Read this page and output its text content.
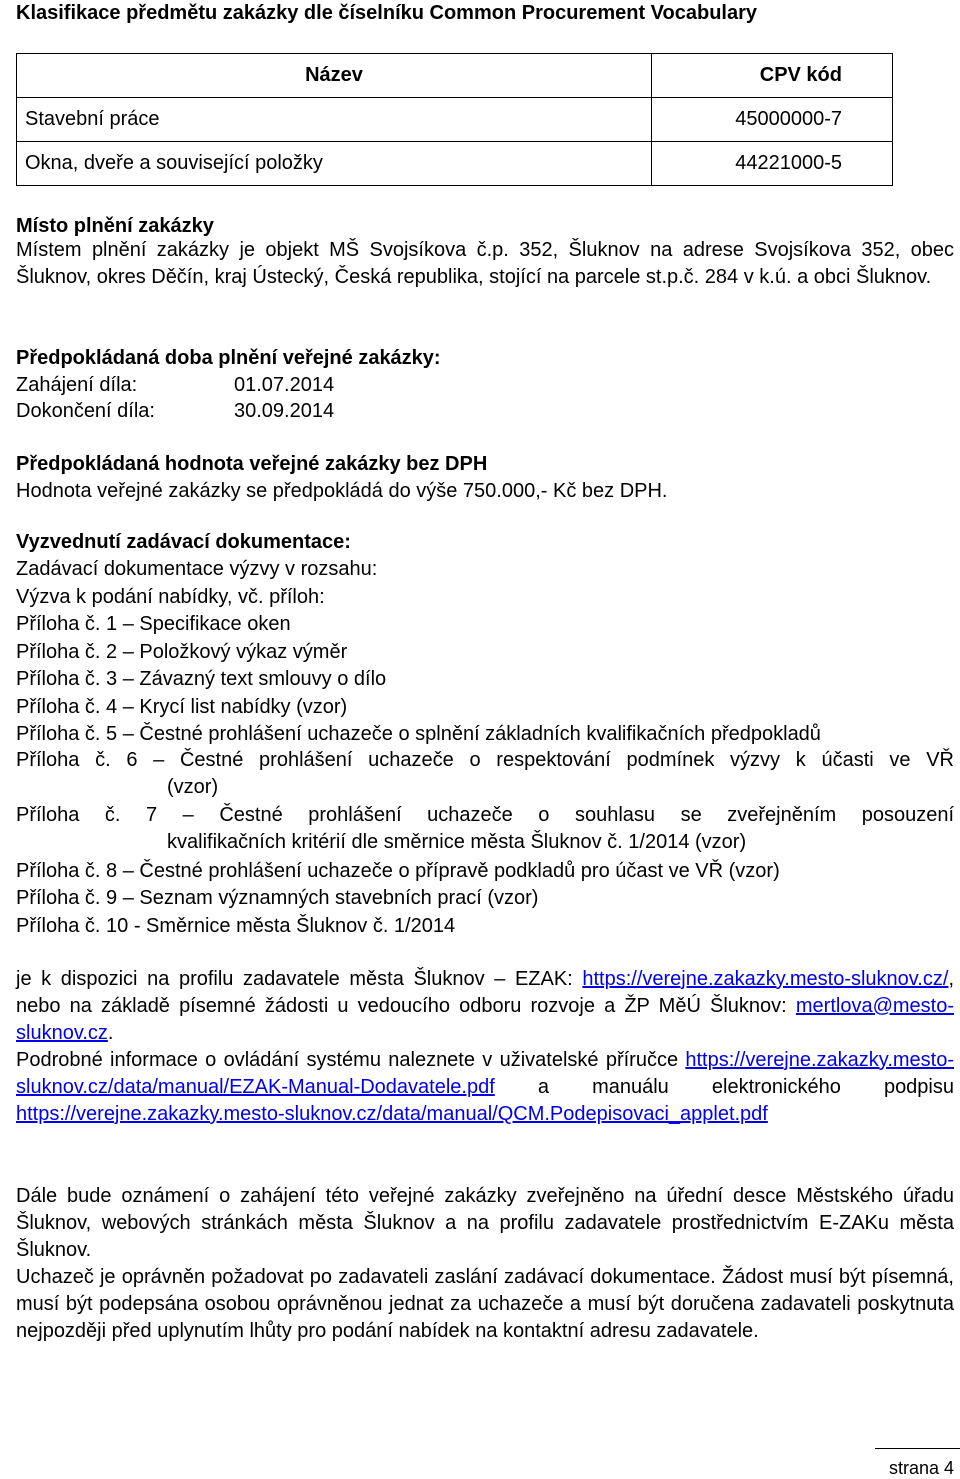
Klasifikace předmětu zakázky dle číselníku Common Procurement Vocabulary
Název	CPV kód
Stavební práce	45000000-7
Okna, dveře a související položky	44221000-5
Místo plnění zakázky
Místem plnění zakázky je objekt MŠ Svojsíkova č.p. 352, Šluknov na adrese Svojsíkova 352, obec Šluknov, okres Děčín, kraj Ústecký, Česká republika, stojící na parcele st.p.č. 284 v k.ú. a obci Šluknov.
Předpokládaná doba plnění veřejné zakázky:
Zahájení díla:	01.07.2014
Dokončení díla:	30.09.2014
Předpokládaná hodnota veřejné zakázky bez DPH
Hodnota veřejné zakázky se předpokládá do výše 750.000,- Kč bez DPH.
Vyzvednutí zadávací dokumentace:
Zadávací dokumentace výzvy v rozsahu:
Výzva k podání nabídky, vč. příloh:
Příloha č. 1 – Specifikace oken
Příloha č. 2 – Položkový výkaz výměr
Příloha č. 3 – Závazný text smlouvy o dílo
Příloha č. 4 – Krycí list nabídky (vzor)
Příloha č. 5 – Čestné prohlášení uchazeče o splnění základních kvalifikačních předpokladů
Příloha č. 6 – Čestné prohlášení uchazeče o respektování podmínek výzvy k účasti ve VŘ
(vzor)
Příloha č. 7 – Čestné prohlášení uchazeče o souhlasu se zveřejněním posouzení
kvalifikačních kritérií dle směrnice města Šluknov č. 1/2014 (vzor)
Příloha č. 8 – Čestné prohlášení uchazeče o přípravě podkladů pro účast ve VŘ (vzor)
Příloha č. 9 – Seznam významných stavebních prací (vzor)
Příloha č. 10 - Směrnice města Šluknov č. 1/2014
je k dispozici na profilu zadavatele města Šluknov – EZAK: https://verejne.zakazky.mesto-sluknov.cz/, nebo na základě písemné žádosti u vedoucího odboru rozvoje a ŽP MěÚ Šluknov: mertlova@mesto-sluknov.cz.
Podrobné informace o ovládání systému naleznete v uživatelské příručce https://verejne.zakazky.mesto-sluknov.cz/data/manual/EZAK-Manual-Dodavatele.pdf a manuálu elektronického podpisu https://verejne.zakazky.mesto-sluknov.cz/data/manual/QCM.Podepisovaci_applet.pdf
Dále bude oznámení o zahájení této veřejné zakázky zveřejněno na úřední desce Městského úřadu Šluknov, webových stránkách města Šluknov a na profilu zadavatele prostřednictvím E-ZAKu města Šluknov.
Uchazeč je oprávněn požadovat po zadavateli zaslání zadávací dokumentace. Žádost musí být písemná, musí být podepsána osobou oprávněnou jednat za uchazeče a musí být doručena zadavateli poskytnuta nejpozději před uplynutím lhůty pro podání nabídek na kontaktní adresu zadavatele.
strana 4
